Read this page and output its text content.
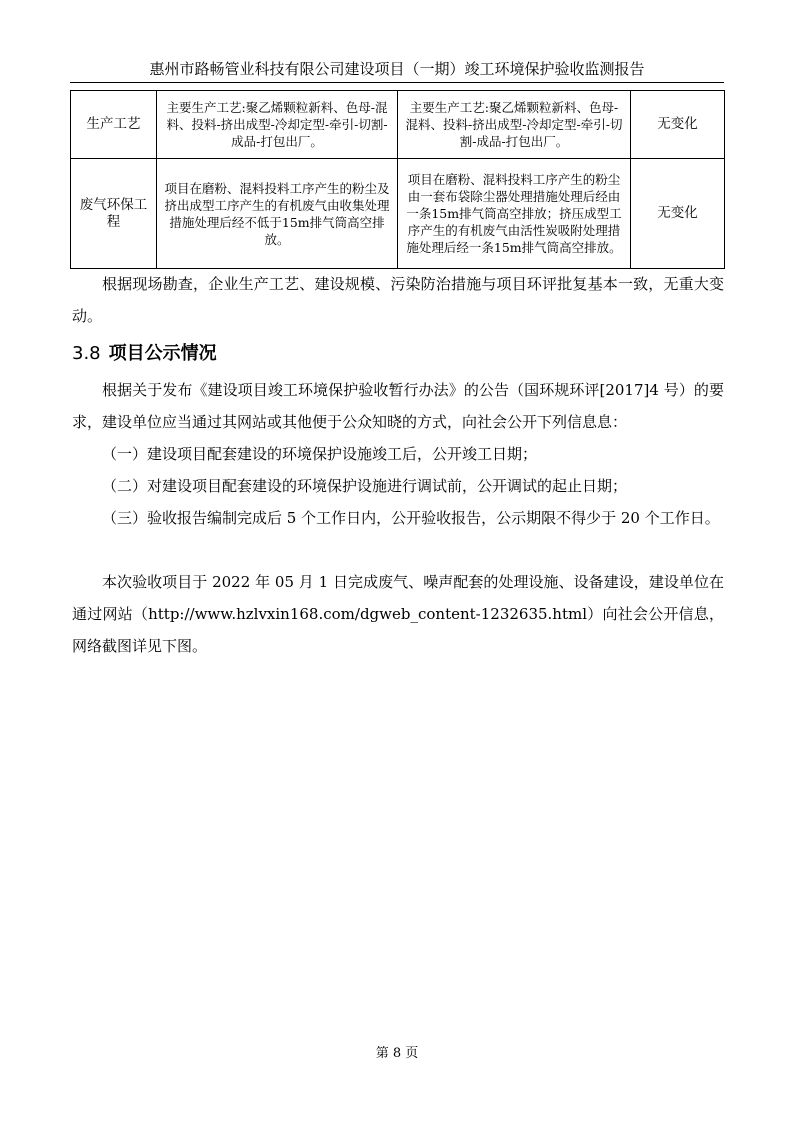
惠州市路畅管业科技有限公司建设项目（一期）竣工环境保护验收监测报告
生产工艺	主要生产工艺:聚乙烯颗粒新料、色母-混料、投料-挤出成型-冷却定型-牵引-切割-成品-打包出厂。	主要生产工艺:聚乙烯颗粒新料、色母-混料、投料-挤出成型-冷却定型-牵引-切割-成品-打包出厂。	无变化
废气环保工程	项目在磨粉、混料投料工序产生的粉尘及挤出成型工序产生的有机废气由收集处理措施处理后经不低于15m排气筒高空排放。	项目在磨粉、混料投料工序产生的粉尘由一套布袋除尘器处理措施处理后经由一条15m排气筒高空排放；挤压成型工序产生的有机废气由活性炭吸附处理措施处理后经一条15m排气筒高空排放。	无变化

根据现场勘查，企业生产工艺、建设规模、污染防治措施与项目环评批复基本一致，无重大变动。

3.8 项目公示情况

根据关于发布《建设项目竣工环境保护验收暂行办法》的公告（国环规环评[2017]4 号）的要求，建设单位应当通过其网站或其他便于公众知晓的方式，向社会公开下列信息息：

（一）建设项目配套建设的环境保护设施竣工后，公开竣工日期；

（二）对建设项目配套建设的环境保护设施进行调试前，公开调试的起止日期；

（三）验收报告编制完成后 5 个工作日内，公开验收报告，公示期限不得少于 20 个工作日。

本次验收项目于 2022 年 05 月 1 日完成废气、噪声配套的处理设施、设备建设，建设单位在通过网站（http://www.hzlvxin168.com/dgweb_content-1232635.html）向社会公开信息，网络截图详见下图。

第 8 页
